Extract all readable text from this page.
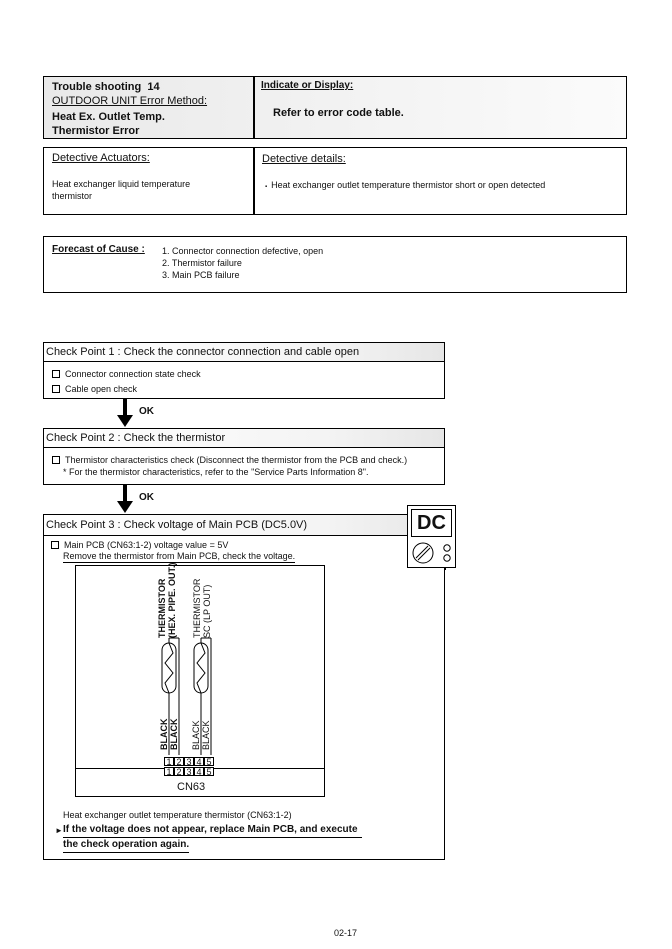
Trouble shooting  14
OUTDOOR UNIT Error Method:
Heat Ex. Outlet Temp.
Thermistor Error
Indicate or Display:
Refer to error code table.
Detective Actuators:
Heat exchanger liquid temperature
thermistor
Detective details:
▪ Heat exchanger outlet temperature thermistor short or open detected
Forecast of Cause : 1. Connector connection defective, open
2. Thermistor failure
3. Main PCB failure
Check Point 1 : Check the connector connection and cable open
Connector connection state check
Cable open check
OK
Check Point 2 : Check the thermistor
Thermistor characteristics check (Disconnect the thermistor from the PCB and check.)
* For the thermistor characteristics, refer to the "Service Parts Information 8".
OK
Check Point 3 : Check voltage of Main PCB (DC5.0V)
Main PCB (CN63:1-2) voltage value = 5V
Remove the thermistor from Main PCB, check the voltage.
DC
THERMISTOR (HEX. PIPE. OUT.) THERMISTOR SC (LP OUT)
BLACK BLACK BLACK BLACK
1 2 3 4 5
1 2 3 4 5
CN63
Heat exchanger outlet temperature thermistor (CN63:1-2)
► If the voltage does not appear, replace Main PCB, and execute
the check operation again.
02-17
